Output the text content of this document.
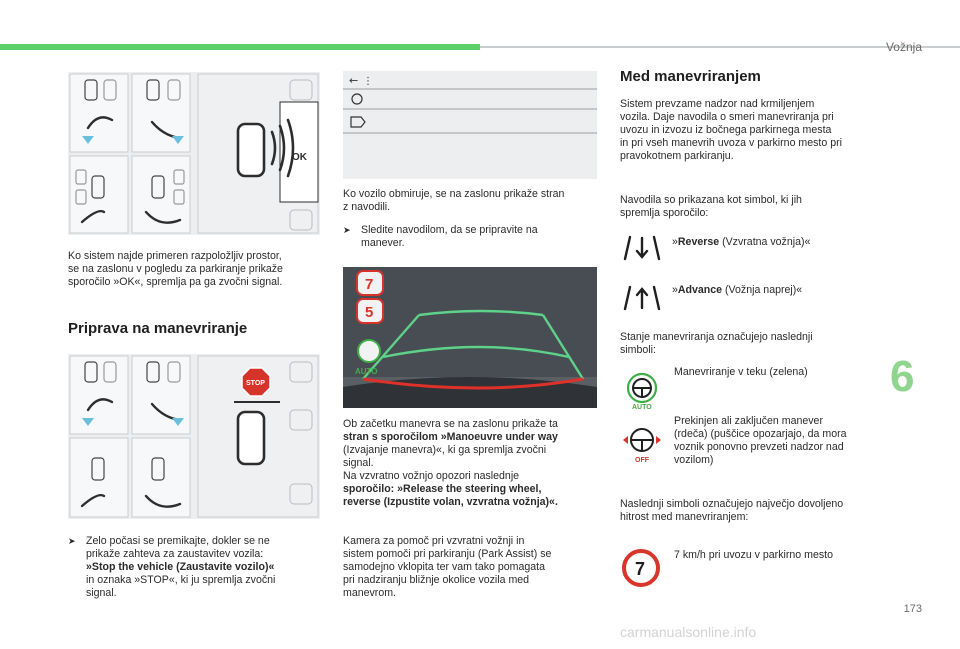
Vožnja
6
173
OK
Ko sistem najde primeren razpoložljiv prostor,
se na zaslonu v pogledu za parkiranje prikaže
sporočilo »OK«, spremlja pa ga zvočni signal.
Priprava na manevriranje
STOP
➤ Zelo počasi se premikajte, dokler se ne
prikaže zahteva za zaustavitev vozila:
»Stop the vehicle (Zaustavite vozilo)«
in oznaka »STOP«, ki ju spremlja zvočni
signal.
← ⋮
Ko vozilo obmiruje, se na zaslonu prikaže stran
z navodili.
➤ Sledite navodilom, da se pripravite na
manever.
7
5
AUTO
Ob začetku manevra se na zaslonu prikaže ta
stran s sporočilom »Manoeuvre under way
(Izvajanje manevra)«, ki ga spremlja zvočni
signal.
Na vzvratno vožnjo opozori naslednje
sporočilo: »Release the steering wheel,
reverse (Izpustite volan, vzvratna vožnja)«.
Kamera za pomoč pri vzvratni vožnji in
sistem pomoči pri parkiranju (Park Assist) se
samodejno vklopita ter vam tako pomagata
pri nadziranju bližnje okolice vozila med
manevrom.
Med manevriranjem
Sistem prevzame nadzor nad krmiljenjem
vozila. Daje navodila o smeri manevriranja pri
uvozu in izvozu iz bočnega parkirnega mesta
in pri vseh manevrih uvoza v parkirno mesto pri
pravokotnem parkiranju.
Navodila so prikazana kot simbol, ki jih
spremlja sporočilo:
»Reverse (Vzvratna vožnja)«
»Advance (Vožnja naprej)«
Stanje manevriranja označujejo naslednji
simboli:
AUTO
Manevriranje v teku (zelena)
OFF
Prekinjen ali zaključen manever
(rdeča) (puščice opozarjajo, da mora
voznik ponovno prevzeti nadzor nad
vozilom)
Naslednji simboli označujejo največjo dovoljeno
hitrost med manevriranjem:
7
7 km/h pri uvozu v parkirno mesto
carmanualsonline.info
